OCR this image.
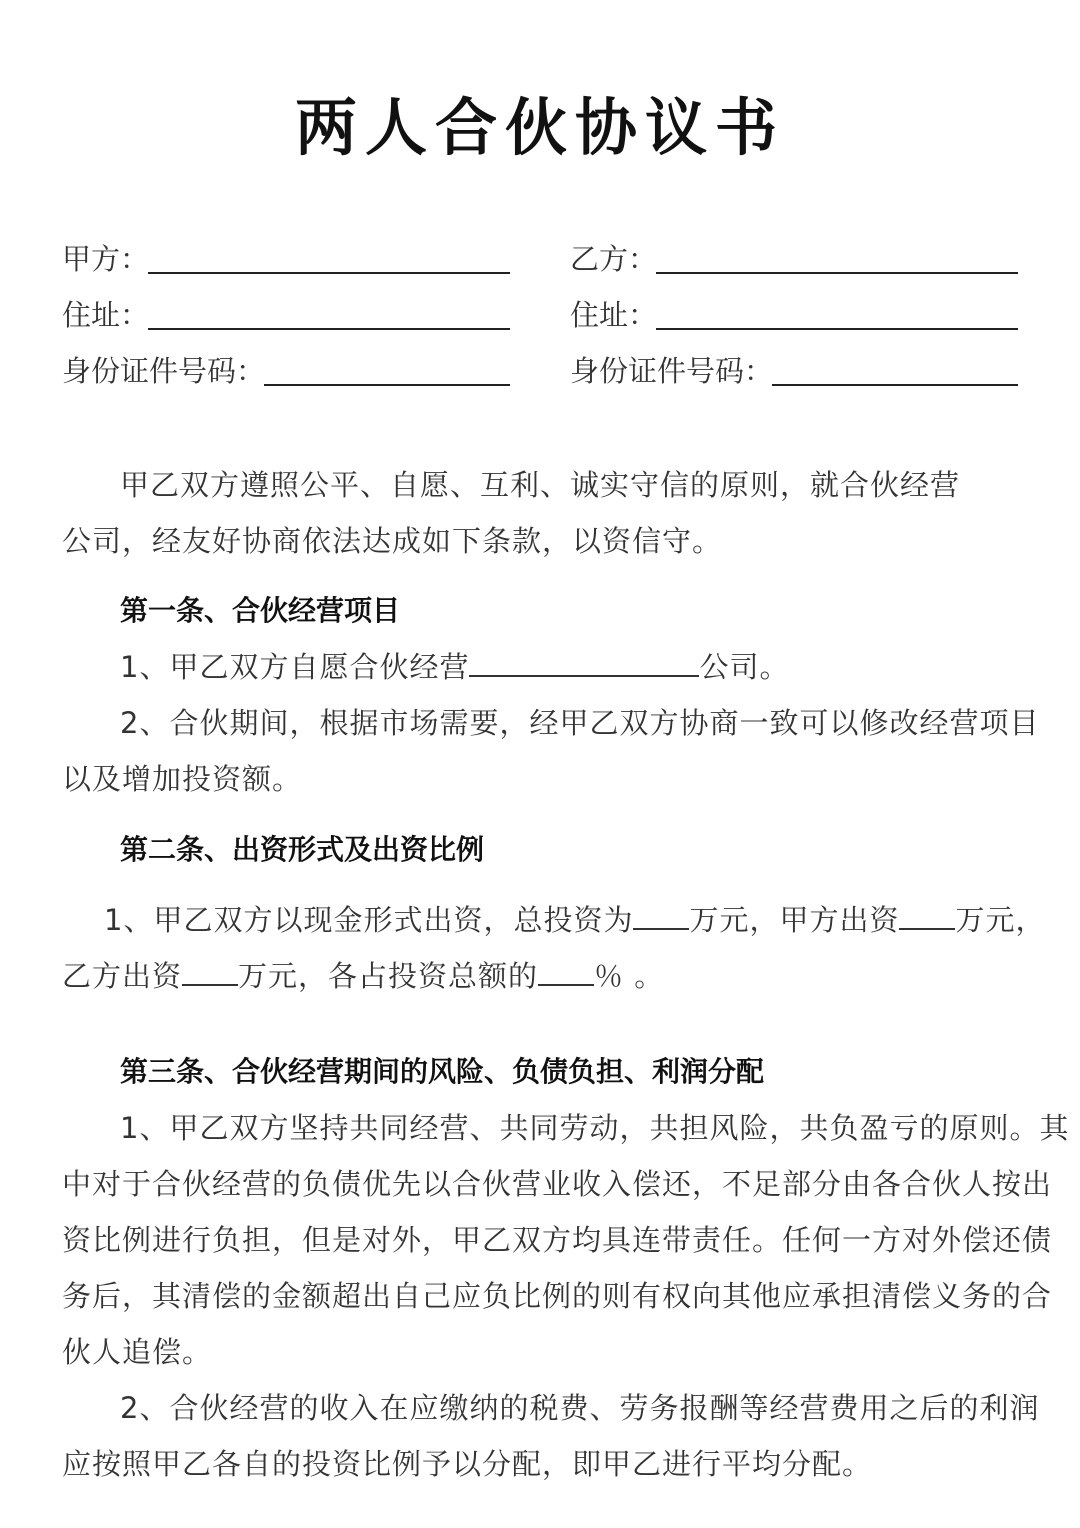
两人合伙协议书
甲方：
住址：
身份证件号码：
乙方：
住址：
身份证件号码：
甲乙双方遵照公平、自愿、互利、诚实守信的原则，就合伙经营
公司，经友好协商依法达成如下条款，以资信守。
第一条、合伙经营项目
1、甲乙双方自愿合伙经营	公司。
2、合伙期间，根据市场需要，经甲乙双方协商一致可以修改经营项目
以及增加投资额。
第二条、出资形式及出资比例
1、甲乙双方以现金形式出资，总投资为 万元，甲方出资 万元，
乙方出资 万元，各占投资总额的 ％ 。
第三条、合伙经营期间的风险、负债负担、利润分配
1、甲乙双方坚持共同经营、共同劳动，共担风险，共负盈亏的原则。其
中对于合伙经营的负债优先以合伙营业收入偿还，不足部分由各合伙人按出
资比例进行负担，但是对外，甲乙双方均具连带责任。任何一方对外偿还债
务后，其清偿的金额超出自己应负比例的则有权向其他应承担清偿义务的合
伙人追偿。
2、合伙经营的收入在应缴纳的税费、劳务报酬等经营费用之后的利润
应按照甲乙各自的投资比例予以分配，即甲乙进行平均分配。
